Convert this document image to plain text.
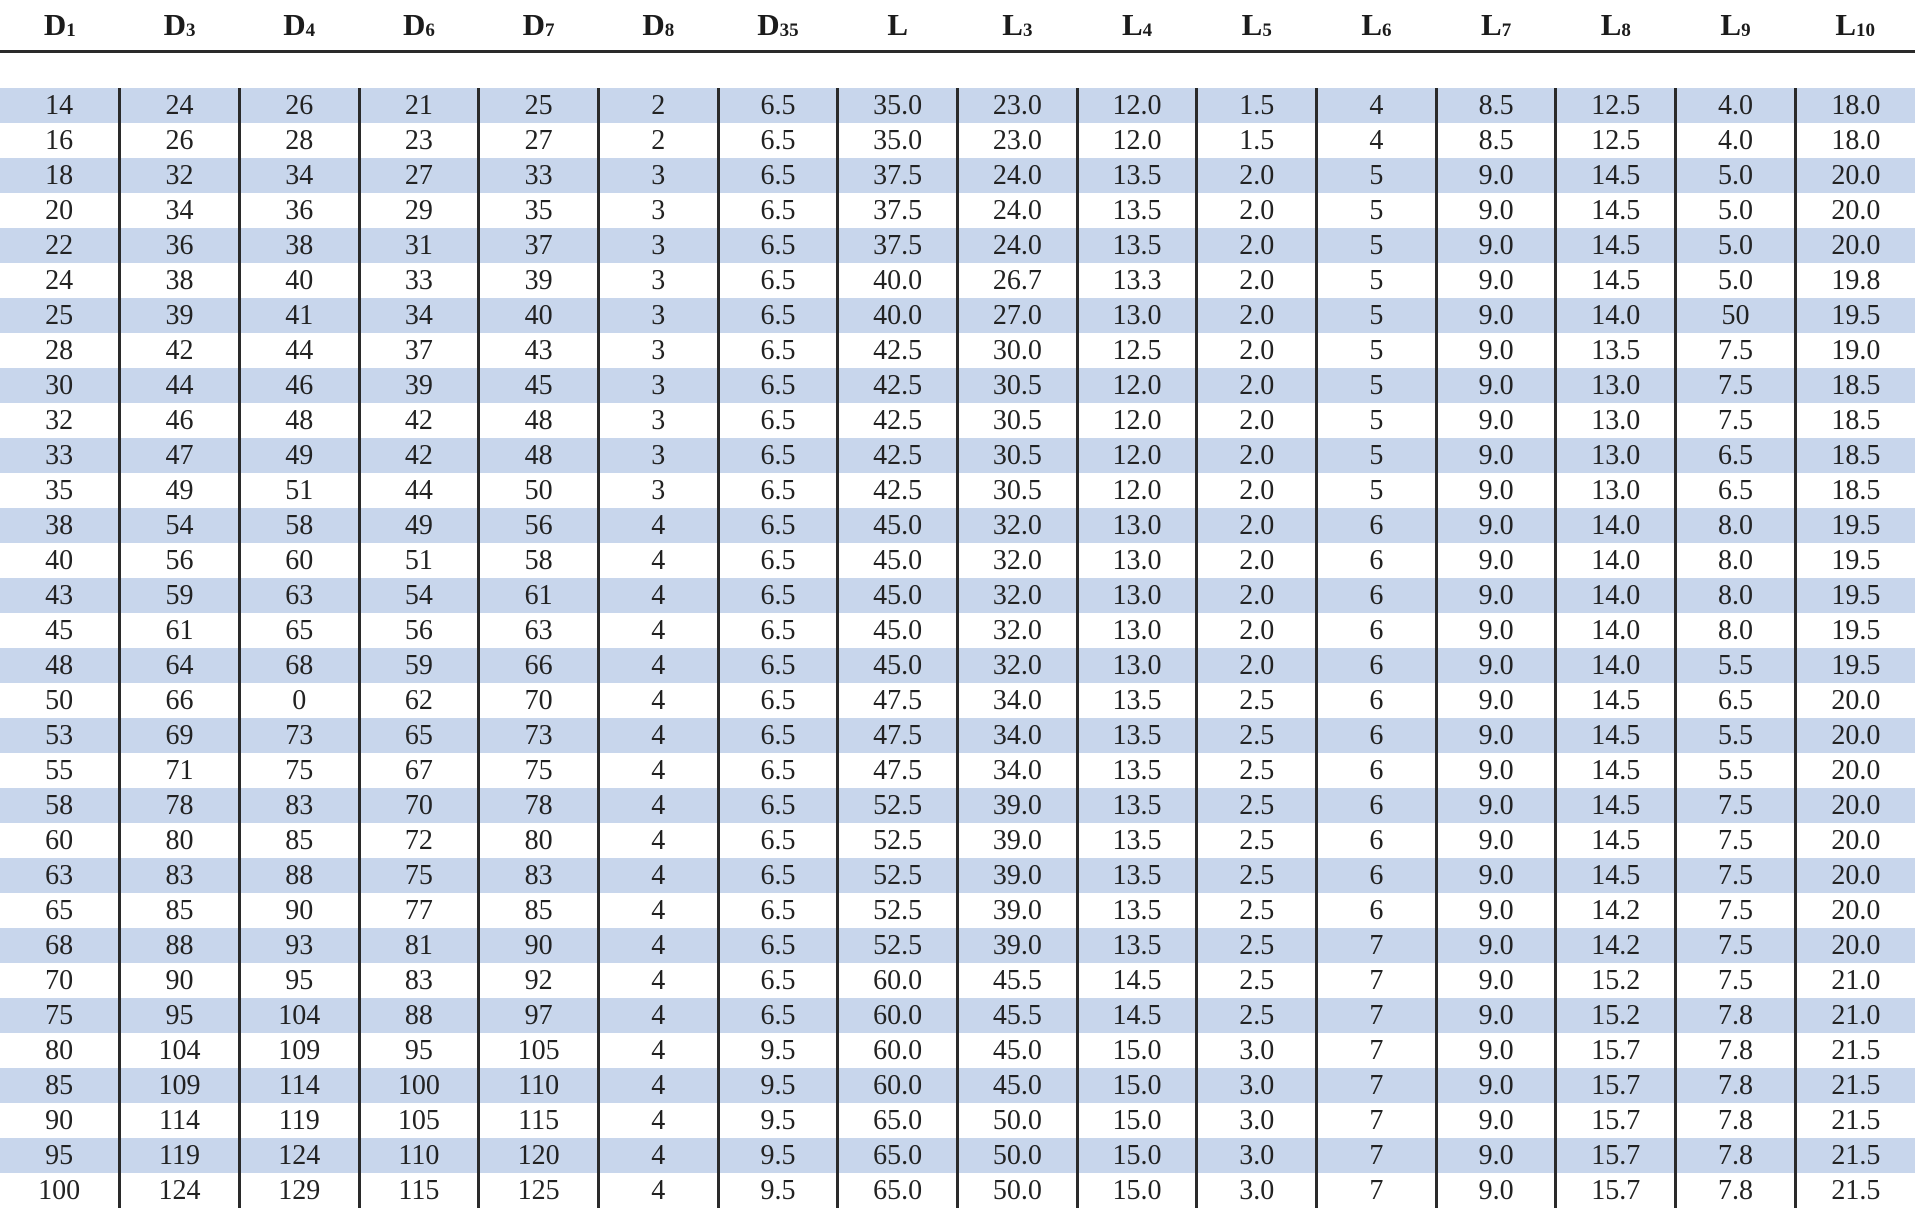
$D_1$	$D_3$	$D_4$	$D_6$	$D_7$	$D_8$	$D_{35}$	L	$L_3$	$L_4$	$L_5$	$L_6$	$L_7$	$L_8$	$L_9$	$L_{10}$

14	24	26	21	25	2	6.5	35.0	23.0	12.0	1.5	4	8.5	12.5	4.0	18.0
16	26	28	23	27	2	6.5	35.0	23.0	12.0	1.5	4	8.5	12.5	4.0	18.0
18	32	34	27	33	3	6.5	37.5	24.0	13.5	2.0	5	9.0	14.5	5.0	20.0
20	34	36	29	35	3	6.5	37.5	24.0	13.5	2.0	5	9.0	14.5	5.0	20.0
22	36	38	31	37	3	6.5	37.5	24.0	13.5	2.0	5	9.0	14.5	5.0	20.0
24	38	40	33	39	3	6.5	40.0	26.7	13.3	2.0	5	9.0	14.5	5.0	19.8
25	39	41	34	40	3	6.5	40.0	27.0	13.0	2.0	5	9.0	14.0	50	19.5
28	42	44	37	43	3	6.5	42.5	30.0	12.5	2.0	5	9.0	13.5	7.5	19.0
30	44	46	39	45	3	6.5	42.5	30.5	12.0	2.0	5	9.0	13.0	7.5	18.5
32	46	48	42	48	3	6.5	42.5	30.5	12.0	2.0	5	9.0	13.0	7.5	18.5
33	47	49	42	48	3	6.5	42.5	30.5	12.0	2.0	5	9.0	13.0	6.5	18.5
35	49	51	44	50	3	6.5	42.5	30.5	12.0	2.0	5	9.0	13.0	6.5	18.5
38	54	58	49	56	4	6.5	45.0	32.0	13.0	2.0	6	9.0	14.0	8.0	19.5
40	56	60	51	58	4	6.5	45.0	32.0	13.0	2.0	6	9.0	14.0	8.0	19.5
43	59	63	54	61	4	6.5	45.0	32.0	13.0	2.0	6	9.0	14.0	8.0	19.5
45	61	65	56	63	4	6.5	45.0	32.0	13.0	2.0	6	9.0	14.0	8.0	19.5
48	64	68	59	66	4	6.5	45.0	32.0	13.0	2.0	6	9.0	14.0	5.5	19.5
50	66	0	62	70	4	6.5	47.5	34.0	13.5	2.5	6	9.0	14.5	6.5	20.0
53	69	73	65	73	4	6.5	47.5	34.0	13.5	2.5	6	9.0	14.5	5.5	20.0
55	71	75	67	75	4	6.5	47.5	34.0	13.5	2.5	6	9.0	14.5	5.5	20.0
58	78	83	70	78	4	6.5	52.5	39.0	13.5	2.5	6	9.0	14.5	7.5	20.0
60	80	85	72	80	4	6.5	52.5	39.0	13.5	2.5	6	9.0	14.5	7.5	20.0
63	83	88	75	83	4	6.5	52.5	39.0	13.5	2.5	6	9.0	14.5	7.5	20.0
65	85	90	77	85	4	6.5	52.5	39.0	13.5	2.5	6	9.0	14.2	7.5	20.0
68	88	93	81	90	4	6.5	52.5	39.0	13.5	2.5	7	9.0	14.2	7.5	20.0
70	90	95	83	92	4	6.5	60.0	45.5	14.5	2.5	7	9.0	15.2	7.5	21.0
75	95	104	88	97	4	6.5	60.0	45.5	14.5	2.5	7	9.0	15.2	7.8	21.0
80	104	109	95	105	4	9.5	60.0	45.0	15.0	3.0	7	9.0	15.7	7.8	21.5
85	109	114	100	110	4	9.5	60.0	45.0	15.0	3.0	7	9.0	15.7	7.8	21.5
90	114	119	105	115	4	9.5	65.0	50.0	15.0	3.0	7	9.0	15.7	7.8	21.5
95	119	124	110	120	4	9.5	65.0	50.0	15.0	3.0	7	9.0	15.7	7.8	21.5
100	124	129	115	125	4	9.5	65.0	50.0	15.0	3.0	7	9.0	15.7	7.8	21.5
